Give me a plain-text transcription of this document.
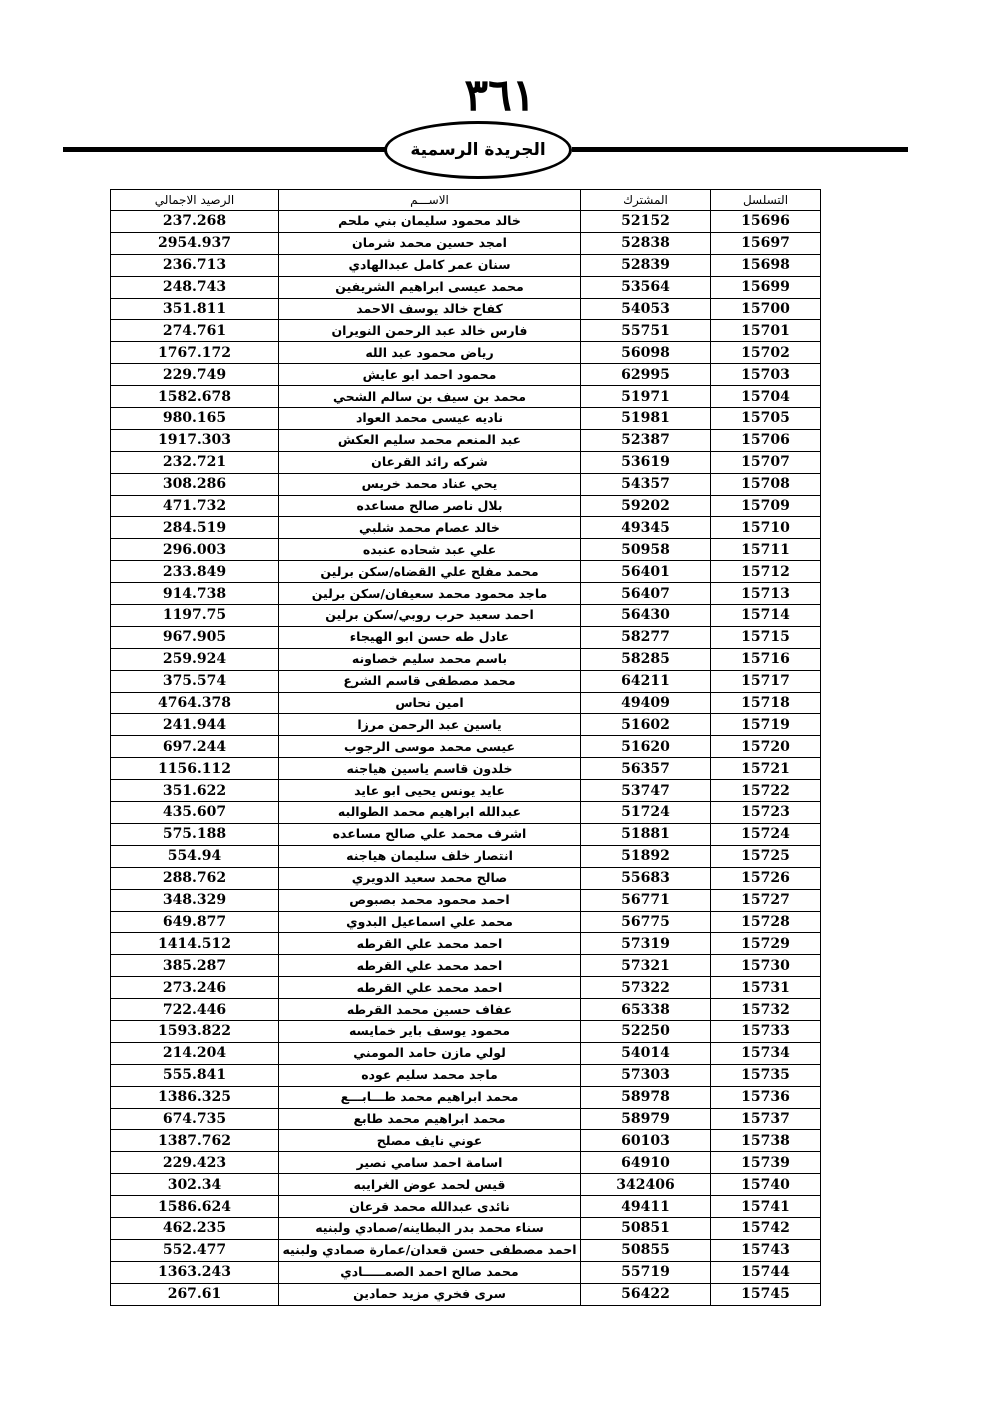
٣٦١
الجريدة الرسمية
التسلسل	المشترك	الاســـم	الرصيد الاجمالي
15696	52152	خالد محمود سليمان بني ملحم	237.268
15697	52838	امجد حسين محمد شرمان	2954.937
15698	52839	سنان عمر كامل عبدالهادي	236.713
15699	53564	محمد عيسى ابراهيم الشريفين	248.743
15700	54053	كفاح خالد يوسف الاحمد	351.811
15701	55751	فارس خالد عبد الرحمن النويران	274.761
15702	56098	رياض محمود عبد الله	1767.172
15703	62995	محمود احمد ابو عايش	229.749
15704	51971	محمد بن سيف بن سالم الشحي	1582.678
15705	51981	ناديه عيسى محمد العواد	980.165
15706	52387	عبد المنعم محمد سليم العكش	1917.303
15707	53619	شركه رائد القرعان	232.721
15708	54357	يحي عناد محمد خريس	308.286
15709	59202	بلال ناصر صالح مساعده	471.732
15710	49345	خالد عصام محمد شلبي	284.519
15711	50958	علي عبد شحاده عنبده	296.003
15712	56401	محمد مفلح علي القضاه/سكن برلين	233.849
15713	56407	ماجد محمود محمد سعيفان/سكن برلين	914.738
15714	56430	احمد سعيد حرب روبي/سكن برلين	1197.75
15715	58277	عادل طه حسن ابو الهيجاء	967.905
15716	58285	باسم محمد سليم خصاونه	259.924
15717	64211	محمد مصطفى قاسم الشرع	375.574
15718	49409	امين نحاس	4764.378
15719	51602	ياسين عبد الرحمن مرزا	241.944
15720	51620	عيسى محمد موسى الرجوب	697.244
15721	56357	خلدون قاسم ياسين هياجنه	1156.112
15722	53747	عايد يونس يحيى ابو عايد	351.622
15723	51724	عبدالله ابراهيم محمد الطوالبه	435.607
15724	51881	اشرف محمد علي صالح مساعده	575.188
15725	51892	انتصار خلف سليمان هياجنه	554.94
15726	55683	صالح محمد سعيد الدويري	288.762
15727	56771	احمد محمود محمد بصبوص	348.329
15728	56775	محمد علي اسماعيل البدوي	649.877
15729	57319	احمد محمد علي القرطه	1414.512
15730	57321	احمد محمد علي القرطه	385.287
15731	57322	احمد محمد علي القرطه	273.246
15732	65338	عفاف حسين محمد القرطه	722.446
15733	52250	محمود يوسف باير خمايسه	1593.822
15734	54014	لولي مازن حامد المومني	214.204
15735	57303	ماجد محمد سليم عوده	555.841
15736	58978	محمد ابراهيم محمد طـــابـــع	1386.325
15737	58979	محمد ابراهيم محمد طابع	674.735
15738	60103	عوني نايف مصلح	1387.762
15739	64910	اسامة احمد سامي نصير	229.423
15740	342406	قيس لحمد عوض الغرايبه	302.34
15741	49411	نائدى عبدالله محمد قرعان	1586.624
15742	50851	سناء محمد بدر البطاينه/صمادي ولبنيه	462.235
15743	50855	احمد مصطفى حسن قعدان/عمارة صمادي ولبنيه	552.477
15744	55719	محمد صالح احمد الصمـــــادي	1363.243
15745	56422	سرى فخري مزيد حمادين	267.61
